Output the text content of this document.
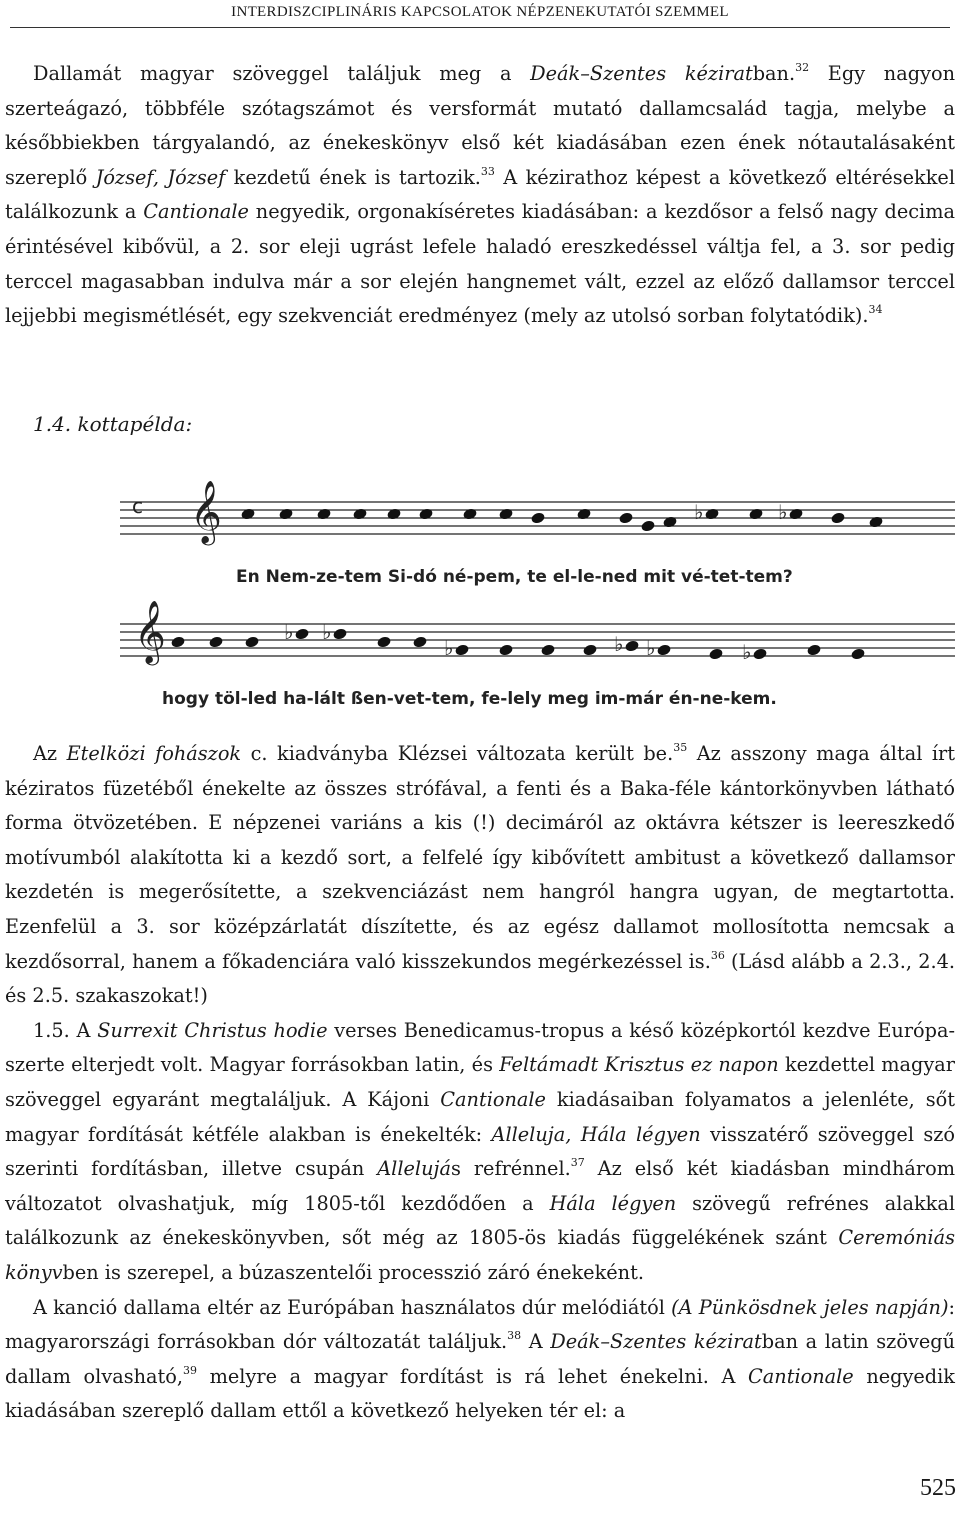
INTERDISZCIPLINÁRIS KAPCSOLATOK NÉPZENEKUTATÓI SZEMMEL

Dallamát magyar szöveggel találjuk meg a Deák–Szentes kéziratban.$^{32}$ Egy nagyon szerteágazó, többféle szótagszámot és versformát mutató dallamcsalád tagja, melybe a későbbiekben tárgyalandó, az énekeskönyv első két kiadásában ezen ének nótautalásaként szereplő József, József kezdetű ének is tartozik.$^{33}$ A kézirathoz képest a következő eltérésekkel találkozunk a Cantionale negyedik, orgonakíséretes kiadásában: a kezdősor a felső nagy decima érintésével kibővül, a 2. sor eleji ugrást lefele haladó ereszkedéssel váltja fel, a 3. sor pedig terccel magasabban indulva már a sor elején hangnemet vált, ezzel az előző dallamsor terccel lejjebbi megismétlését, egy szekvenciát eredményez (mely az utolsó sorban folytatódik).$^{34}$

1.4. kottapélda:
c 𝄞
En Nem-ze-tem Si-dó né-pem, te el-le-ned mit vé-tet-tem?
𝄞
hogy töl-led ha-lált ßen-vet-tem, fe-lely meg im-már én-ne-kem.
♭	♭
♭ ♭
♭	♭ ♭	♭

Az Etelközi fohászok c. kiadványba Klézsei változata került be.$^{35}$ Az asszony maga által írt kéziratos füzetéből énekelte az összes strófával, a fenti és a Baka-féle kántorkönyvben látható forma ötvözetében. E népzenei variáns a kis (!) decimáról az oktávra kétszer is leereszkedő motívumból alakította ki a kezdő sort, a felfelé így kibővített ambitust a következő dallamsor kezdetén is megerősítette, a szekvenciázást nem hangról hangra ugyan, de megtartotta. Ezenfelül a 3. sor középzárlatát díszítette, és az egész dallamot mollosította nemcsak a kezdősorral, hanem a főkadenciára való kisszekundos megérkezéssel is.$^{36}$ (Lásd alább a 2.3., 2.4. és 2.5. szakaszokat!)
1.5. A Surrexit Christus hodie verses Benedicamus-tropus a késő középkortól kezdve Európa-szerte elterjedt volt. Magyar forrásokban latin, és Feltámadt Krisztus ez napon kezdettel magyar szöveggel egyaránt megtaláljuk. A Kájoni Cantionale kiadásaiban folyamatos a jelenléte, sőt magyar fordítását kétféle alakban is énekelték: Alleluja, Hála légyen visszatérő szöveggel szó szerinti fordításban, illetve csupán Allelujás refrénnel.$^{37}$ Az első két kiadásban mindhárom változatot olvashatjuk, míg 1805-től kezdődően a Hála légyen szövegű refrénes alakkal találkozunk az énekeskönyvben, sőt még az 1805-ös kiadás függelékének szánt Ceremóniás könyvben is szerepel, a búzaszentelői processzió záró énekeként.
A kanció dallama eltér az Európában használatos dúr melódiától (A Pünkösdnek jeles napján): magyarországi forrásokban dór változatát találjuk.$^{38}$ A Deák–Szentes kéziratban a latin szövegű dallam olvasható,$^{39}$ melyre a magyar fordítást is rá lehet énekelni. A Cantionale negyedik kiadásában szereplő dallam ettől a következő helyeken tér el: a

525
